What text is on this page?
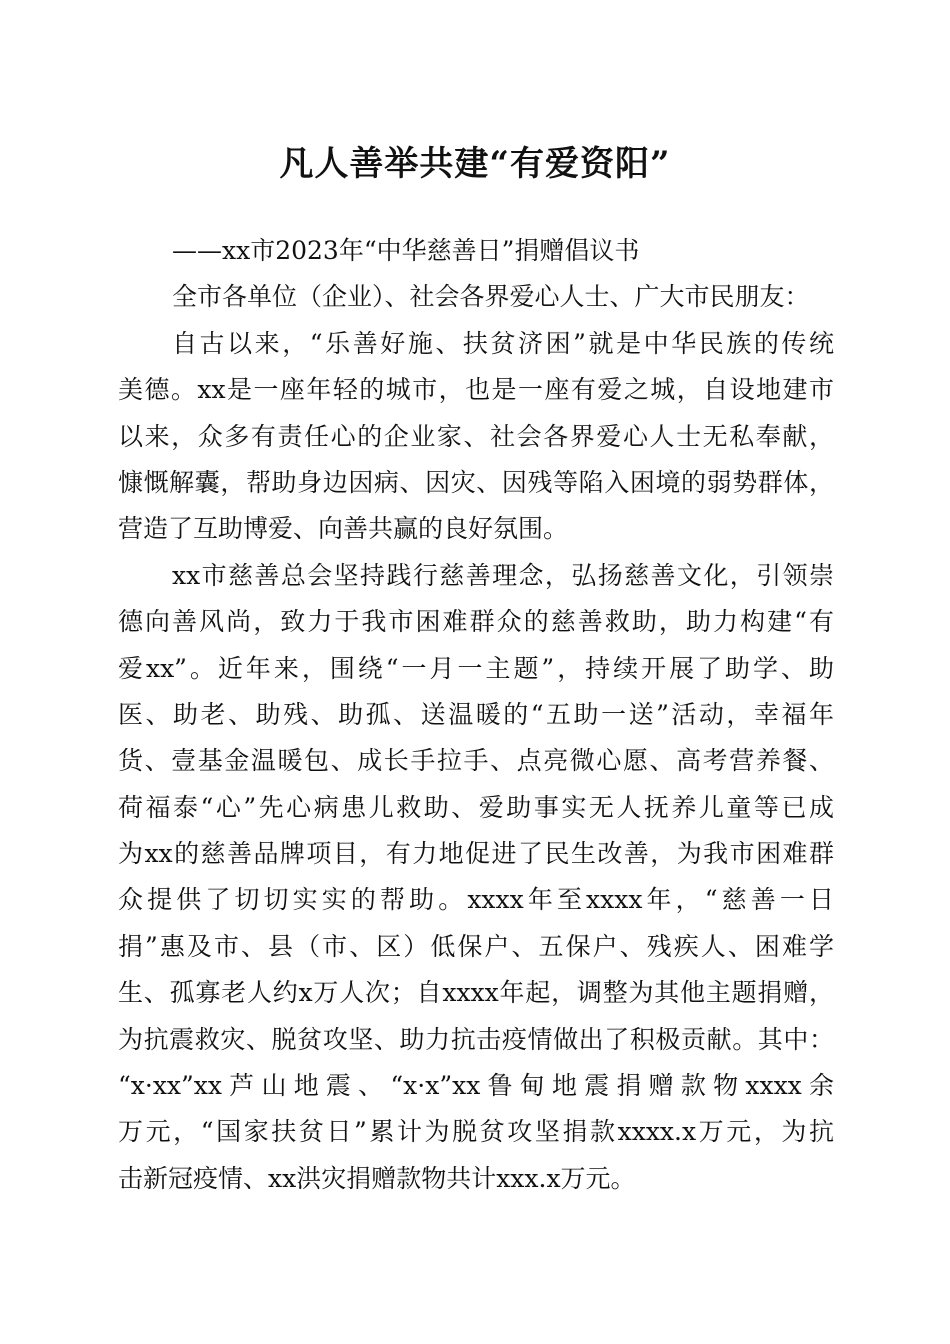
凡人善举共建“有爱资阳”
——xx市2023年“中华慈善日”捐赠倡议书
全市各单位（企业）、社会各界爱心人士、广大市民朋友：
自古以来，“乐善好施、扶贫济困”就是中华民族的传统
美德。xx是一座年轻的城市，也是一座有爱之城，自设地建市
以来，众多有责任心的企业家、社会各界爱心人士无私奉献，
慷慨解囊，帮助身边因病、因灾、因残等陷入困境的弱势群体，
营造了互助博爱、向善共赢的良好氛围。
xx市慈善总会坚持践行慈善理念，弘扬慈善文化，引领崇
德向善风尚，致力于我市困难群众的慈善救助，助力构建“有
爱xx”。近年来，围绕“一月一主题”，持续开展了助学、助
医、助老、助残、助孤、送温暖的“五助一送”活动，幸福年
货、壹基金温暖包、成长手拉手、点亮微心愿、高考营养餐、
荷福泰“心”先心病患儿救助、爱助事实无人抚养儿童等已成
为xx的慈善品牌项目，有力地促进了民生改善，为我市困难群
众提供了切切实实的帮助。xxxx年至xxxx年，“慈善一日
捐”惠及市、县（市、区）低保户、五保户、残疾人、困难学
生、孤寡老人约x万人次；自xxxx年起，调整为其他主题捐赠，
为抗震救灾、脱贫攻坚、助力抗击疫情做出了积极贡献。其中：
“x·xx”xx芦山地震、“x·x”xx鲁甸地震捐赠款物xxxx余
万元，“国家扶贫日”累计为脱贫攻坚捐款xxxx.x万元，为抗
击新冠疫情、xx洪灾捐赠款物共计xxx.x万元。
